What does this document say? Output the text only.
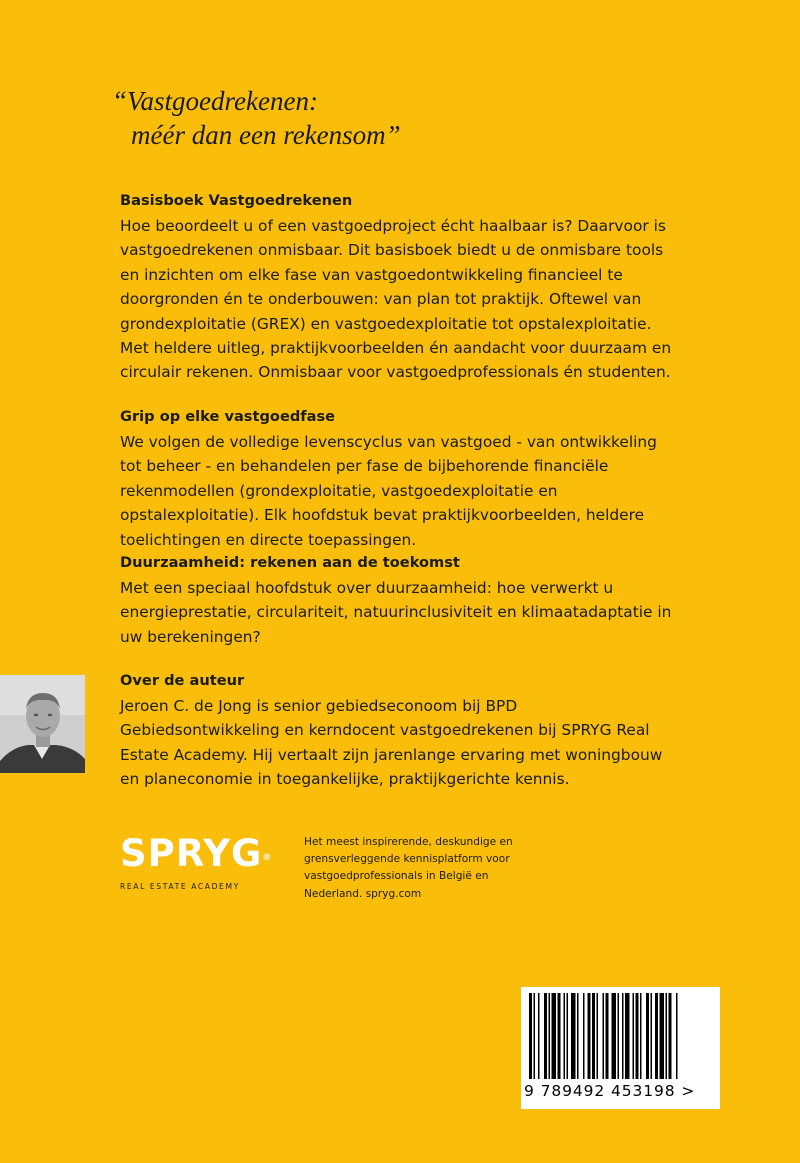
“Vastgoedrekenen:
méér dan een rekensom”
Basisboek Vastgoedrekenen

Hoe beoordeelt u of een vastgoedproject écht haalbaar is? Daarvoor is vastgoedrekenen onmisbaar. Dit basisboek biedt u de onmisbare tools en inzichten om elke fase van vastgoedontwikkeling financieel te doorgronden én te onderbouwen: van plan tot praktijk. Oftewel van grondexploitatie (GREX) en vastgoedexploitatie tot opstalexploitatie. Met heldere uitleg, praktijkvoorbeelden én aandacht voor duurzaam en circulair rekenen. Onmisbaar voor vastgoedprofessionals én studenten.

Grip op elke vastgoedfase

We volgen de volledige levenscyclus van vastgoed - van ontwikkeling tot beheer - en behandelen per fase de bijbehorende financiële rekenmodellen (grondexploitatie, vastgoedexploitatie en opstalexploitatie). Elk hoofdstuk bevat praktijkvoorbeelden, heldere toelichtingen en directe toepassingen.

Duurzaamheid: rekenen aan de toekomst

Met een speciaal hoofdstuk over duurzaamheid: hoe verwerkt u energieprestatie, circulariteit, natuurinclusiviteit en klimaatadaptatie in uw berekeningen?

Over de auteur

Jeroen C. de Jong is senior gebiedseconoom bij BPD Gebiedsontwikkeling en kerndocent vastgoedrekenen bij SPRYG Real Estate Academy. Hij vertaalt zijn jarenlange ervaring met woningbouw en planeconomie in toegankelijke, praktijkgerichte kennis.

SPRYG®
REAL ESTATE ACADEMY
Het meest inspirerende, deskundige en grensverleggende kennisplatform voor vastgoedprofessionals in België en Nederland. spryg.com
9 789492 453198 >
